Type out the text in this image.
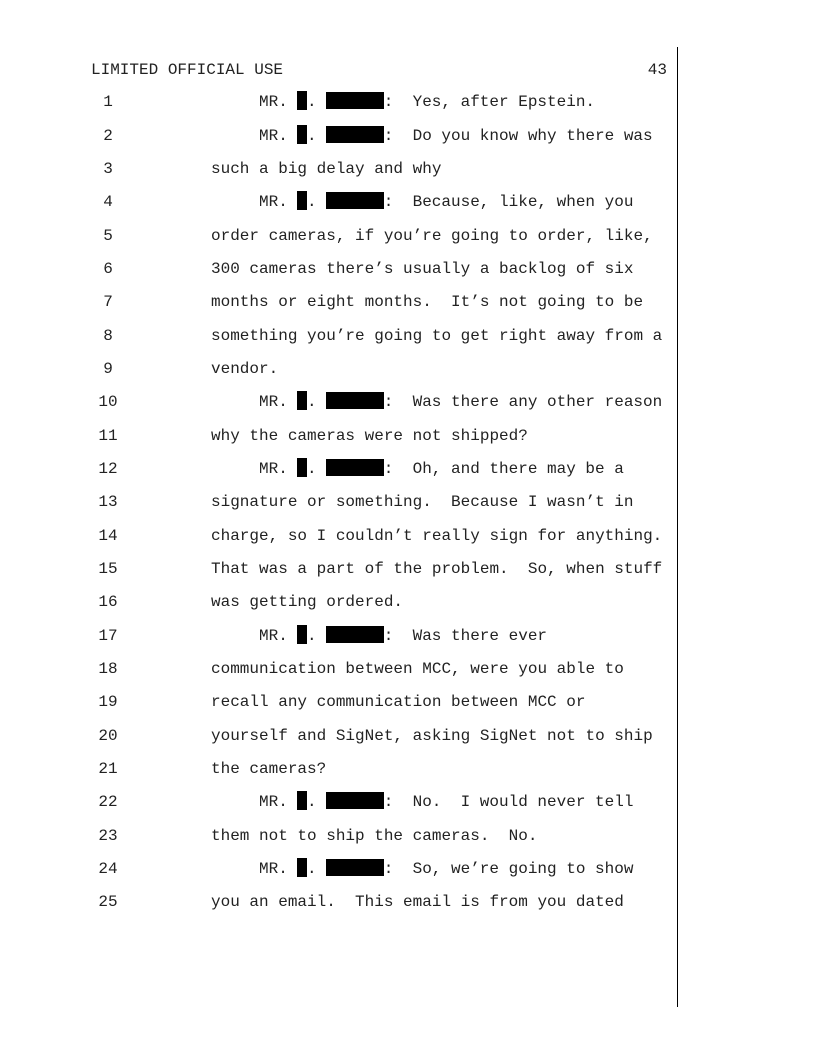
LIMITED OFFICIAL USE	43
1	MR. .	: Yes, after Epstein.
2	MR. .	: Do you know why there was
3	such a big delay and why
4	MR. .	: Because, like, when you
5	order cameras, if you’re going to order, like,
6	300 cameras there’s usually a backlog of six
7	months or eight months.  It’s not going to be
8	something you’re going to get right away from a
9	vendor.
10	MR. .	: Was there any other reason
11	why the cameras were not shipped?
12	MR. .	: Oh, and there may be a
13	signature or something.  Because I wasn’t in
14	charge, so I couldn’t really sign for anything.
15	That was a part of the problem.  So, when stuff
16	was getting ordered.
17	MR. .	: Was there ever
18	communication between MCC, were you able to
19	recall any communication between MCC or
20	yourself and SigNet, asking SigNet not to ship
21	the cameras?
22	MR. .	: No.  I would never tell
23	them not to ship the cameras.  No.
24	MR. .	: So, we’re going to show
25	you an email.  This email is from you dated
